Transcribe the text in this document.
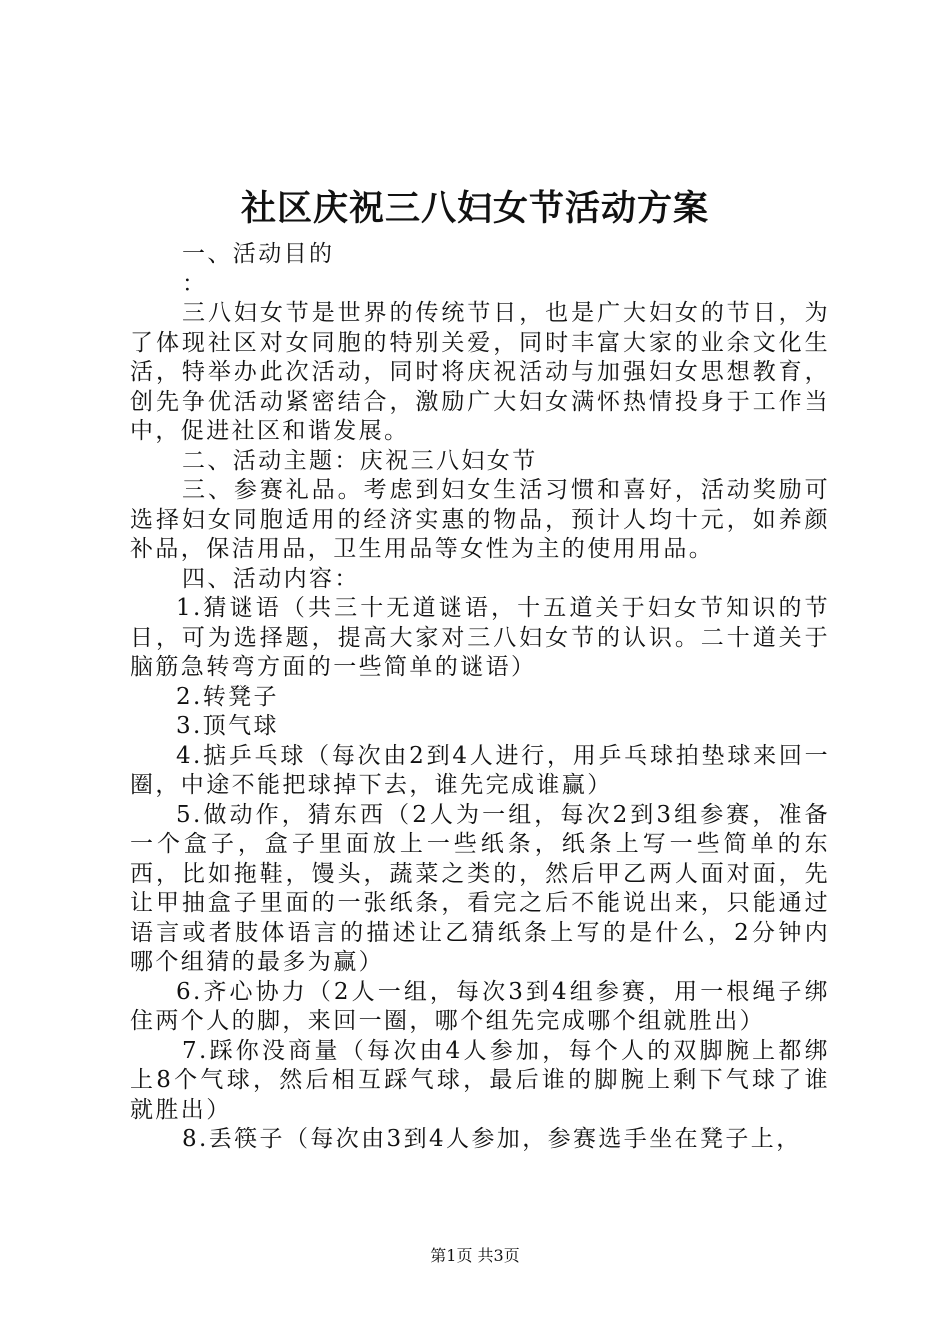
社区庆祝三八妇女节活动方案

一、活动目的

：

三八妇女节是世界的传统节日，也是广大妇女的节日，为了体现社区对女同胞的特别关爱，同时丰富大家的业余文化生活，特举办此次活动，同时将庆祝活动与加强妇女思想教育，创先争优活动紧密结合，激励广大妇女满怀热情投身于工作当中，促进社区和谐发展。

二、活动主题：庆祝三八妇女节

三、参赛礼品。考虑到妇女生活习惯和喜好，活动奖励可选择妇女同胞适用的经济实惠的物品，预计人均十元，如养颜补品，保洁用品，卫生用品等女性为主的使用用品。

四、活动内容：

1.猜谜语（共三十无道谜语，十五道关于妇女节知识的节日，可为选择题，提高大家对三八妇女节的认识。二十道关于脑筋急转弯方面的一些简单的谜语）

2.转凳子

3.顶气球

4.掂乒乓球（每次由2到4人进行，用乒乓球拍垫球来回一圈，中途不能把球掉下去，谁先完成谁赢）

5.做动作，猜东西（2人为一组，每次2到3组参赛，准备一个盒子，盒子里面放上一些纸条，纸条上写一些简单的东西，比如拖鞋，馒头，蔬菜之类的，然后甲乙两人面对面，先让甲抽盒子里面的一张纸条，看完之后不能说出来，只能通过语言或者肢体语言的描述让乙猜纸条上写的是什么，2分钟内哪个组猜的最多为赢）

6.齐心协力（2人一组，每次3到4组参赛，用一根绳子绑住两个人的脚，来回一圈，哪个组先完成哪个组就胜出）

7.踩你没商量（每次由4人参加，每个人的双脚腕上都绑上8个气球，然后相互踩气球，最后谁的脚腕上剩下气球了谁就胜出）

8.丢筷子（每次由3到4人参加，参赛选手坐在凳子上，

第1页 共3页
